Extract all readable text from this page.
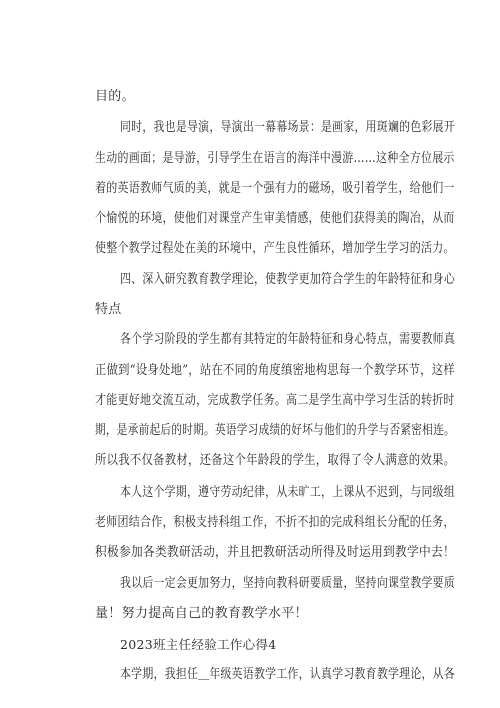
目的。
同时，我也是导演，导演出一幕幕场景：是画家，用斑斓的色彩展开
生动的画面；是导游，引导学生在语言的海洋中漫游……这种全方位展示
着的英语教师气质的美，就是一个强有力的磁场，吸引着学生，给他们一
个愉悦的环境，使他们对课堂产生审美情感，使他们获得美的陶冶，从而
使整个教学过程处在美的环境中，产生良性循环，增加学生学习的活力。
四、深入研究教育教学理论，使教学更加符合学生的年龄特征和身心
特点
各个学习阶段的学生都有其特定的年龄特征和身心特点，需要教师真
正做到“设身处地”，站在不同的角度缜密地构思每一个教学环节，这样
才能更好地交流互动，完成教学任务。高二是学生高中学习生活的转折时
期，是承前起后的时期。英语学习成绩的好坏与他们的升学与否紧密相连。
所以我不仅备教材，还备这个年龄段的学生，取得了令人满意的效果。
本人这个学期，遵守劳动纪律，从未旷工，上课从不迟到，与同级组
老师团结合作，积极支持科组工作，不折不扣的完成科组长分配的任务，
积极参加各类教研活动，并且把教研活动所得及时运用到教学中去！
我以后一定会更加努力，坚持向教科研要质量，坚持向课堂教学要质
量！努力提高自己的教育教学水平！
2023班主任经验工作心得4
本学期，我担任＿年级英语教学工作，认真学习教育教学理论，从各
